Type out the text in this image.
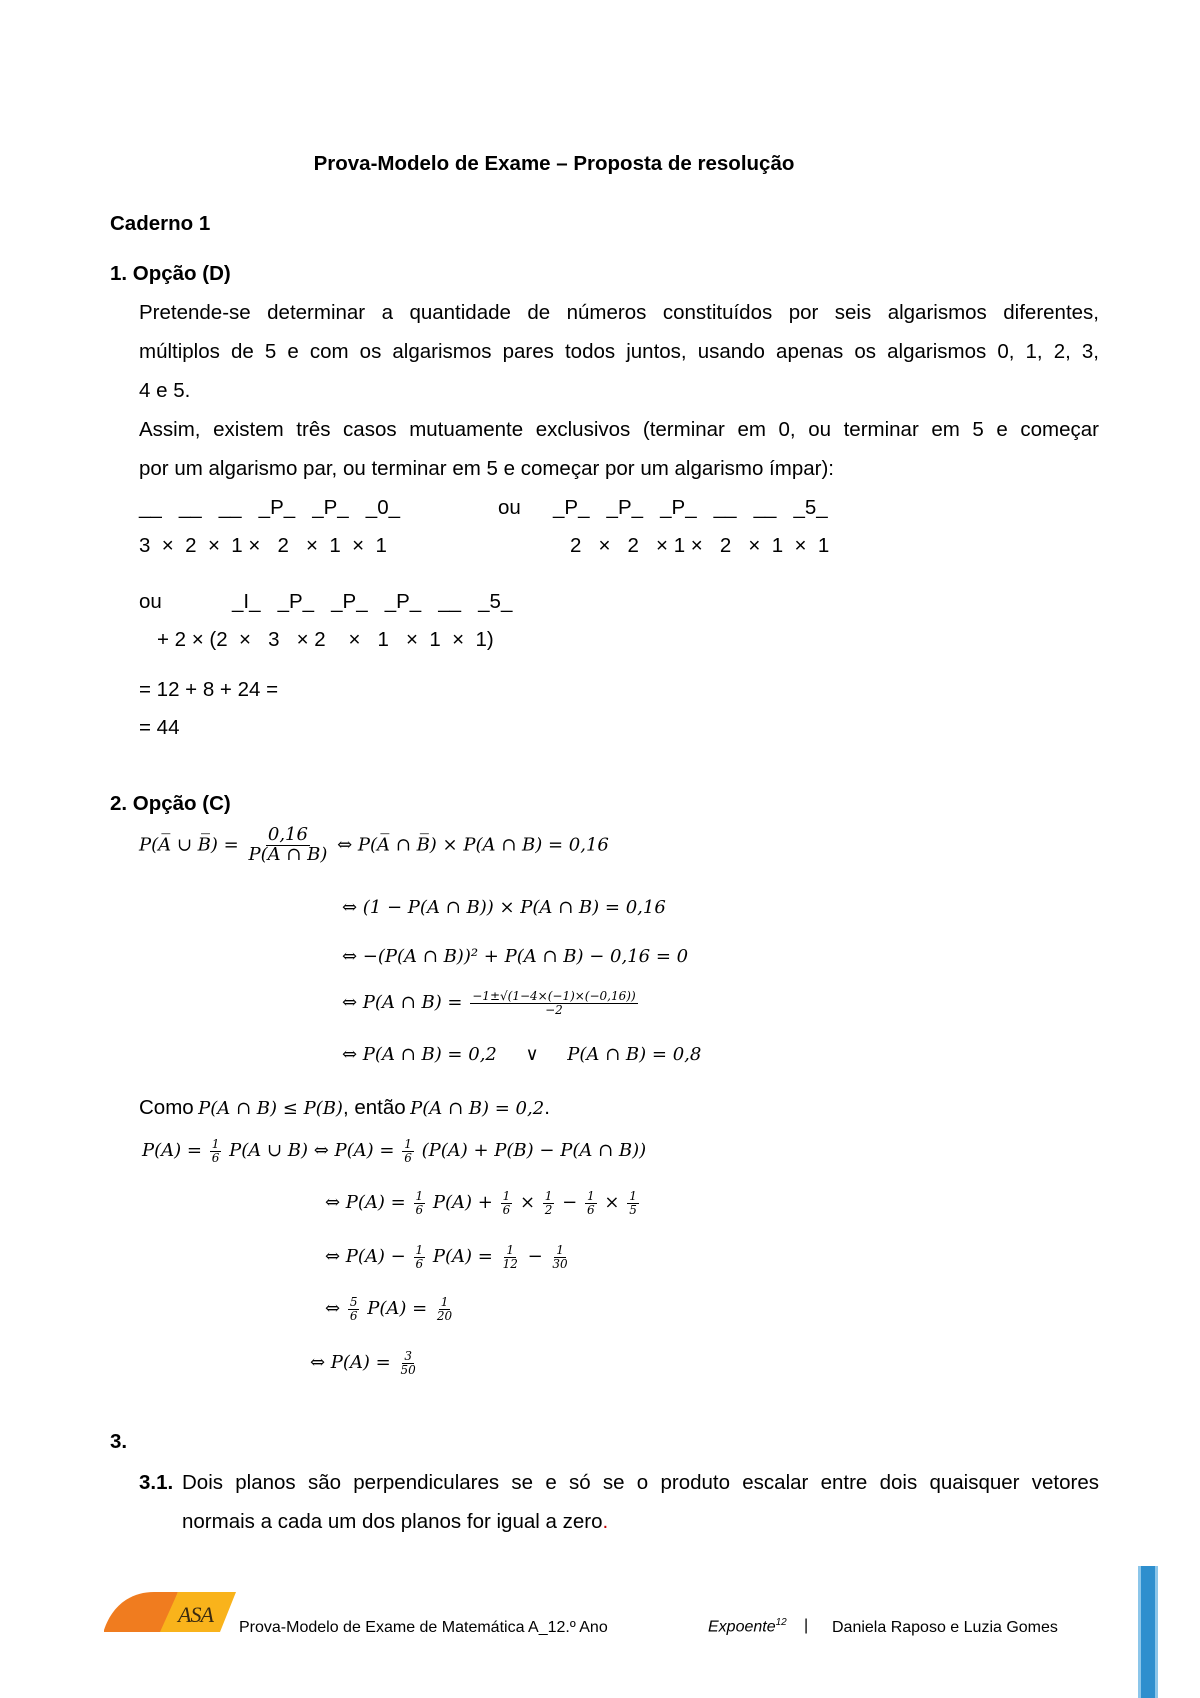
Prova-Modelo de Exame – Proposta de resolução
Caderno 1
1. Opção (D)
Pretende-se determinar a quantidade de números constituídos por seis algarismos diferentes,
múltiplos de 5 e com os algarismos pares todos juntos, usando apenas os algarismos 0, 1, 2, 3,
4 e 5.
Assim, existem três casos mutuamente exclusivos (terminar em 0, ou terminar em 5 e começar
por um algarismo par, ou terminar em 5 e começar por um algarismo ímpar):
__   __   __   _P_   _P_   _0_	ou _P_   _P_   _P_   __   __   _5_
3  ×  2  ×  1 ×   2   ×  1  ×  1	2   ×   2   × 1 ×   2   ×  1  ×  1
ou	_I_   _P_   _P_   _P_   __   _5_
+ 2 × (2  ×   3   × 2    ×   1   ×  1  ×  1)
= 12 + 8 + 24 =
= 44
2. Opção (C)
P(A̅ ∪ B̅) = $\frac{0,16}{P(A \cap B)}$ ⇔ P(A̅ ∩ B̅) × P(A ∩ B) = 0,16
⇔ (1 − P(A ∩ B)) × P(A ∩ B) = 0,16
⇔ −(P(A ∩ B))² + P(A ∩ B) − 0,16 = 0
⇔ P(A ∩ $B) = \frac{-1\pm√(1-4\times(-1)\times(-0,16))}{-2}$
⇔ P(A ∩ B) = 0,2     ∨     P(A ∩ B) = 0,8
Como P(A ∩ B) ≤ P(B), então P(A ∩ B) = 0,2.
$P(A) = \frac{1}{6} P(A$ ∪ B) ⇔ $P(A) = \frac{1}{6} (P(A) + P(B) - P(A$ ∩ B))
⇔ $P(A) = \frac{1}{6} P(A) + \frac{1}{6} \times \frac{1}{2} - \frac{1}{6} \times \frac{1}{5}$
⇔ $P(A) - \frac{1}{6} P(A) = \frac{1}{12} - \frac{1}{30}$
⇔ $\frac{5}{6} P(A) = \frac{1}{20}$
⇔ $P(A) = \frac{3}{50}$
3.
3.1. Dois planos são perpendiculares se e só se o produto escalar entre dois quaisquer vetores
normais a cada um dos planos for igual a zero.
ASA
Prova-Modelo de Exame de Matemática A_12.º Ano	Expoente$^{12}$ | Daniela Raposo e Luzia Gomes
